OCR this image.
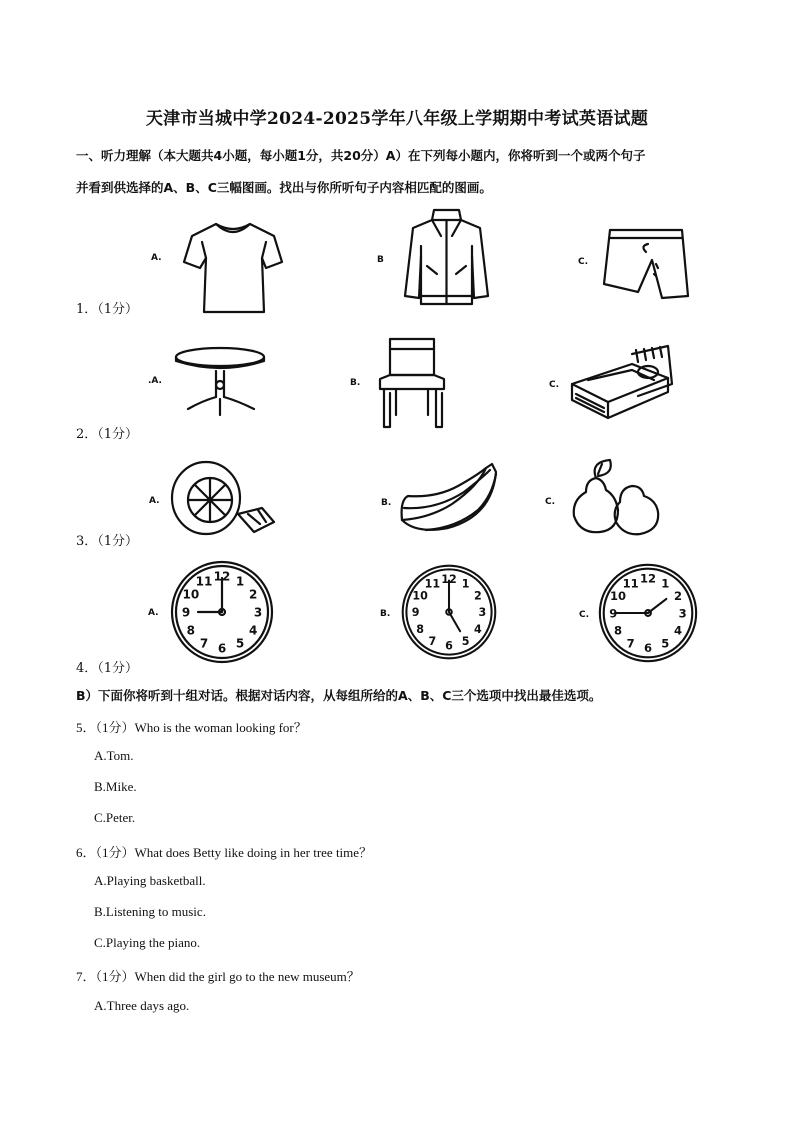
天津市当城中学2024-2025学年八年级上学期期中考试英语试题
一、听力理解（本大题共4小题，每小题1分，共20分）A）在下列每小题内，你将听到一个或两个句子
并看到供选择的A、B、C三幅图画。找出与你所听句子内容相匹配的图画。
A.	B	C.
1．（1分）
.A.	B.	C.
2．（1分）
A.	B.	C.
3．（1分）
A.
12 1
2
3
4
5
6
7
8
9
10
11
B.
12 1
2
3
4
5
6
7
8
9
10
11
C.
12 1
2
3
4
5
6
7
8
9
10
11
4．（1分）
B）下面你将听到十组对话。根据对话内容，从每组所给的A、B、C三个选项中找出最佳选项。
5．（1分）Who is the woman looking for？
A.Tom.
B.Mike.
C.Peter.
6．（1分）What does Betty like doing in her tree time？
A.Playing basketball.
B.Listening to music.
C.Playing the piano.
7．（1分）When did the girl go to the new museum？
A.Three days ago.
